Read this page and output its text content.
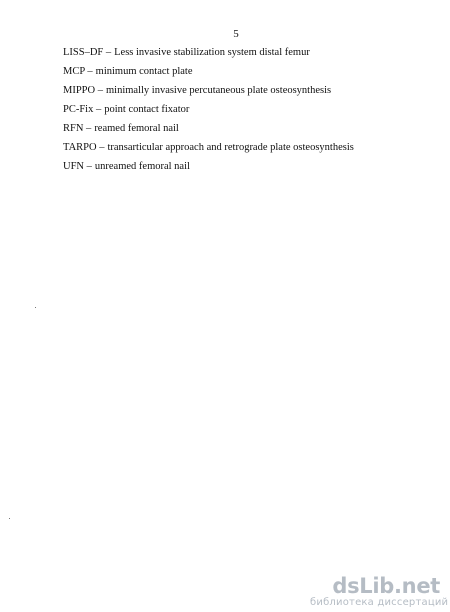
5
LISS–DF – Less invasive stabilization system distal femur
MCP – minimum contact plate
MIPPO – minimally invasive percutaneous plate osteosynthesis
PC-Fix – point contact fixator
RFN – reamed femoral nail
TARPO – transarticular approach and retrograde plate osteosynthesis
UFN – unreamed femoral nail
dsLib.net
библиотека диссертаций
